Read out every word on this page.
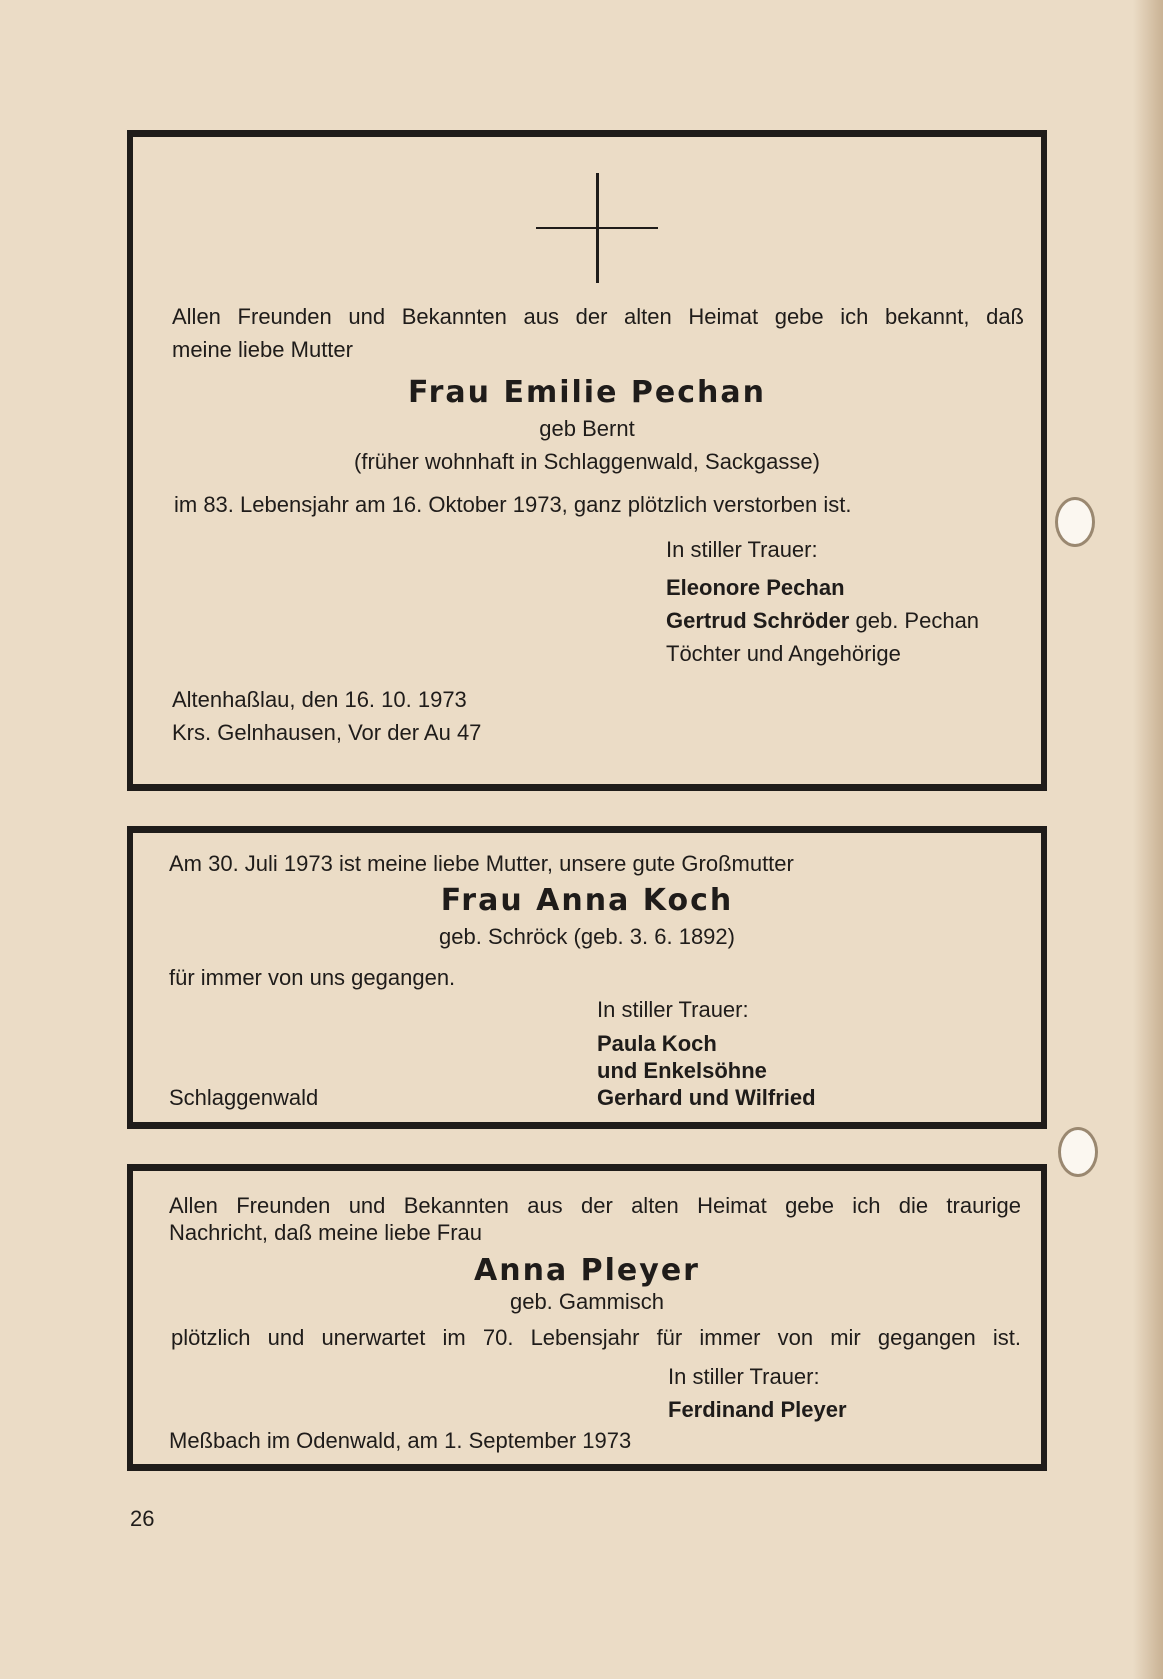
Allen Freunden und Bekannten aus der alten Heimat gebe ich bekannt, daß
meine liebe Mutter
Frau Emilie Pechan
geb Bernt
(früher wohnhaft in Schlaggenwald, Sackgasse)
im 83. Lebensjahr am 16. Oktober 1973, ganz plötzlich verstorben ist.
In stiller Trauer:
Eleonore Pechan
Gertrud Schröder geb. Pechan
Töchter und Angehörige
Altenhaßlau, den 16. 10. 1973
Krs. Gelnhausen, Vor der Au 47
Am 30. Juli 1973 ist meine liebe Mutter, unsere gute Großmutter
Frau Anna Koch
geb. Schröck (geb. 3. 6. 1892)
für immer von uns gegangen.
In stiller Trauer:
Paula Koch
und Enkelsöhne
Gerhard und Wilfried
Schlaggenwald
Allen Freunden und Bekannten aus der alten Heimat gebe ich die traurige
Nachricht, daß meine liebe Frau
Anna Pleyer
geb. Gammisch
plötzlich und unerwartet im 70. Lebensjahr für immer von mir gegangen ist.
In stiller Trauer:
Ferdinand Pleyer
Meßbach im Odenwald, am 1. September 1973
26
